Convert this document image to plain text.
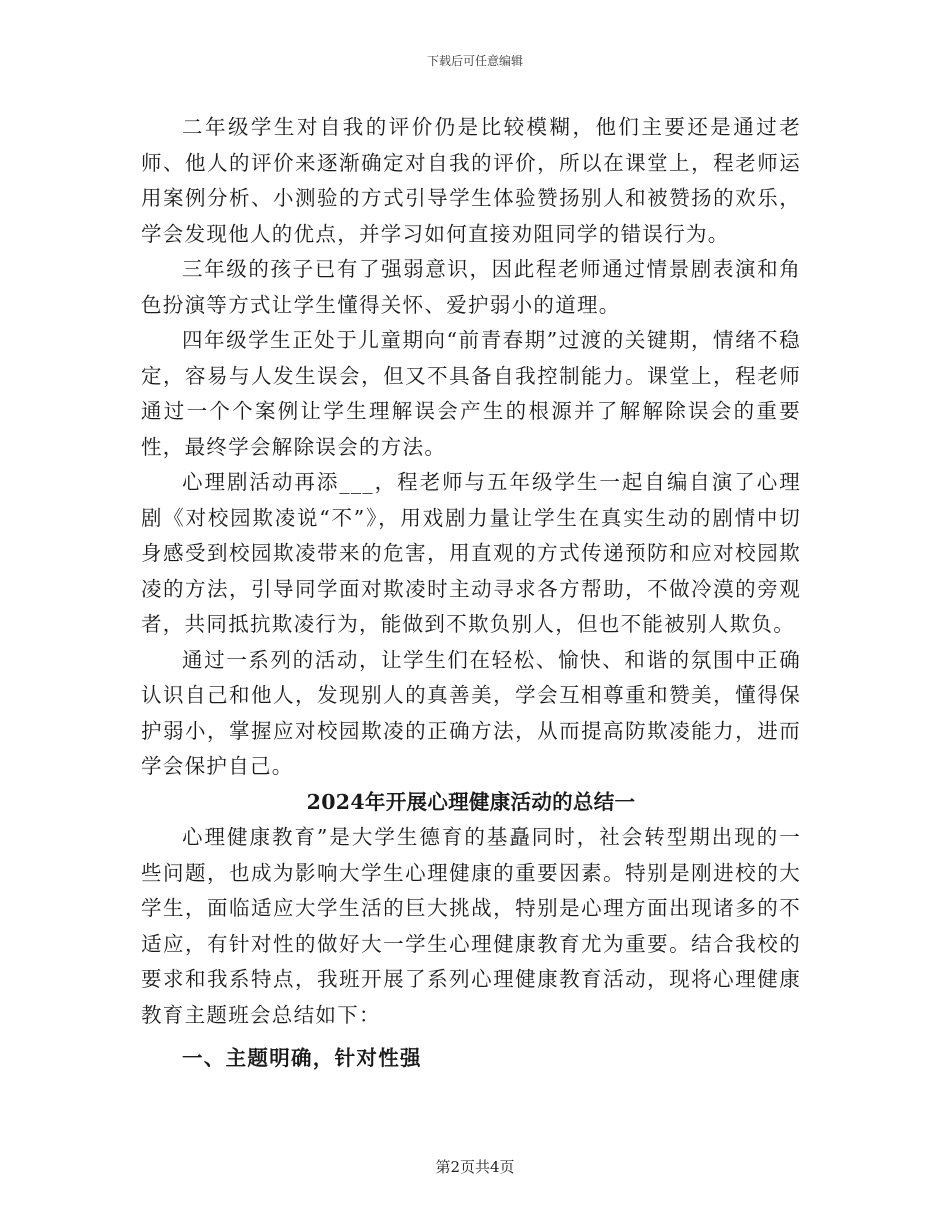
下载后可任意编辑

二年级学生对自我的评价仍是比较模糊，他们主要还是通过老师、他人的评价来逐渐确定对自我的评价，所以在课堂上，程老师运用案例分析、小测验的方式引导学生体验赞扬别人和被赞扬的欢乐，学会发现他人的优点，并学习如何直接劝阻同学的错误行为。

三年级的孩子已有了强弱意识，因此程老师通过情景剧表演和角色扮演等方式让学生懂得关怀、爱护弱小的道理。

四年级学生正处于儿童期向“前青春期”过渡的关键期，情绪不稳定，容易与人发生误会，但又不具备自我控制能力。课堂上，程老师通过一个个案例让学生理解误会产生的根源并了解解除误会的重要性，最终学会解除误会的方法。

心理剧活动再添___，程老师与五年级学生一起自编自演了心理剧《对校园欺凌说“不”》，用戏剧力量让学生在真实生动的剧情中切身感受到校园欺凌带来的危害，用直观的方式传递预防和应对校园欺凌的方法，引导同学面对欺凌时主动寻求各方帮助，不做冷漠的旁观者，共同抵抗欺凌行为，能做到不欺负别人，但也不能被别人欺负。

通过一系列的活动，让学生们在轻松、愉快、和谐的氛围中正确认识自己和他人，发现别人的真善美，学会互相尊重和赞美，懂得保护弱小，掌握应对校园欺凌的正确方法，从而提高防欺凌能力，进而学会保护自己。

2024年开展心理健康活动的总结一

心理健康教育”是大学生德育的基矗同时，社会转型期出现的一些问题，也成为影响大学生心理健康的重要因素。特别是刚进校的大学生，面临适应大学生活的巨大挑战，特别是心理方面出现诸多的不适应，有针对性的做好大一学生心理健康教育尤为重要。结合我校的要求和我系特点，我班开展了系列心理健康教育活动，现将心理健康教育主题班会总结如下：

一、主题明确，针对性强

第2页共4页
